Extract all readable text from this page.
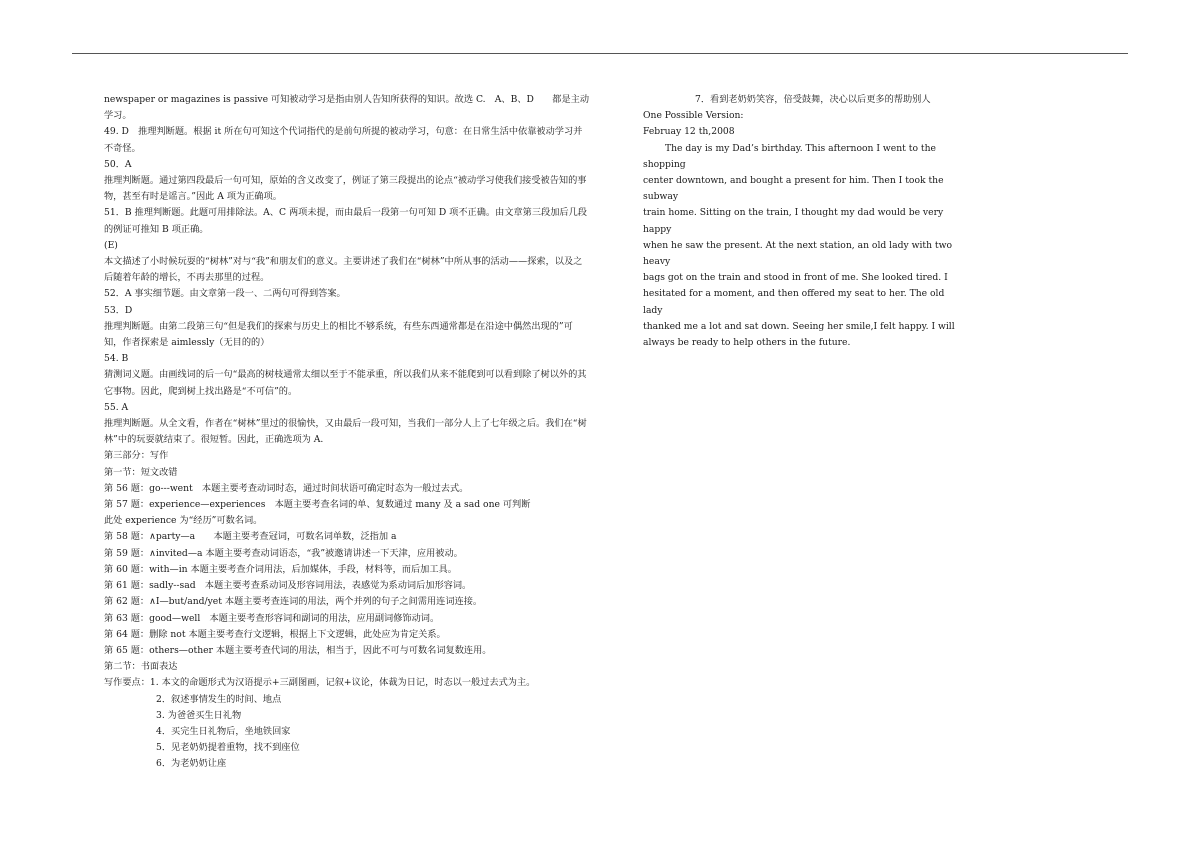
newspaper or magazines is passive 可知被动学习是指由别人告知所获得的知识。故选 C.　A、B、D　　都是主动学习。

49. D　推理判断题。根据 it 所在句可知这个代词指代的是前句所提的被动学习，句意：在日常生活中依靠被动学习并不奇怪。

50．A

推理判断题。通过第四段最后一句可知，原始的含义改变了，例证了第三段提出的论点“被动学习使我们接受被告知的事物，甚至有时是谣言。”因此 A 项为正确项。

51．B 推理判断题。此题可用排除法。A、C 两项未提，而由最后一段第一句可知 D 项不正确。由文章第三段加后几段的例证可推知 B 项正确。

(E)

本文描述了小时候玩耍的“树林”对与“我”和朋友们的意义。主要讲述了我们在“树林”中所从事的活动——探索，以及之后随着年龄的增长，不再去那里的过程。

52．A 事实细节题。由文章第一段一、二两句可得到答案。

53．D

推理判断题。由第二段第三句“但是我们的探索与历史上的相比不够系统，有些东西通常都是在沿途中偶然出现的”可知，作者探索是 aimlessly（无目的的）

54. B

猜测词义题。由画线词的后一句“最高的树枝通常太细以至于不能承重，所以我们从来不能爬到可以看到除了树以外的其它事物。因此，爬到树上找出路是“不可信”的。

55. A

推理判断题。从全文看，作者在“树林”里过的很愉快，又由最后一段可知，当我们一部分人上了七年级之后。我们在“树林”中的玩耍就结束了。很短暂。因此，正确选项为 A.

第三部分：写作

第一节：短文改错

第 56 题：go---went　本题主要考查动词时态，通过时间状语可确定时态为一般过去式。

第 57 题：experience—experiences　本题主要考查名词的单、复数通过 many 及 a sad one 可判断

此处 experience 为“经历”可数名词。

第 58 题：∧party—a　　本题主要考查冠词，可数名词单数，泛指加 a

第 59 题：∧invited—a 本题主要考查动词语态，“我”被邀请讲述一下天津，应用被动。

第 60 题：with—in 本题主要考查介词用法，后加媒体，手段，材料等，而后加工具。

第 61 题：sadly--sad　本题主要考查系动词及形容词用法，表感觉为系动词后加形容词。

第 62 题：∧I—but/and/yet 本题主要考查连词的用法，两个并列的句子之间需用连词连接。

第 63 题：good—well　本题主要考查形容词和副词的用法，应用副词修饰动词。

第 64 题：删除 not 本题主要考查行文逻辑，根据上下文逻辑，此处应为肯定关系。

第 65 题：others—other 本题主要考查代词的用法，相当于，因此不可与可数名词复数连用。

第二节：书面表达

写作要点：1. 本文的命题形式为汉语提示+三副图画，记叙+议论，体裁为日记，时态以一般过去式为主。

2．叙述事情发生的时间、地点

3. 为爸爸买生日礼物

4．买完生日礼物后，坐地铁回家

5．见老奶奶提着重物，找不到座位

6．为老奶奶让座

7．看到老奶奶笑容，倍受鼓舞，决心以后更多的帮助别人

One Possible Version:

Februay 12 th,2008

The day is my Dad’s birthday. This afternoon I went to the shopping

center downtown, and bought a present for him. Then I took the subway

train home. Sitting on the train, I thought my dad would be very happy

when he saw the present. At the next station, an old lady with two heavy

bags got on the train and stood in front of me. She looked tired. I

hesitated for a moment, and then offered my seat to her. The old lady

thanked me a lot and sat down. Seeing her smile,I felt happy. I will

always be ready to help others in the future.
